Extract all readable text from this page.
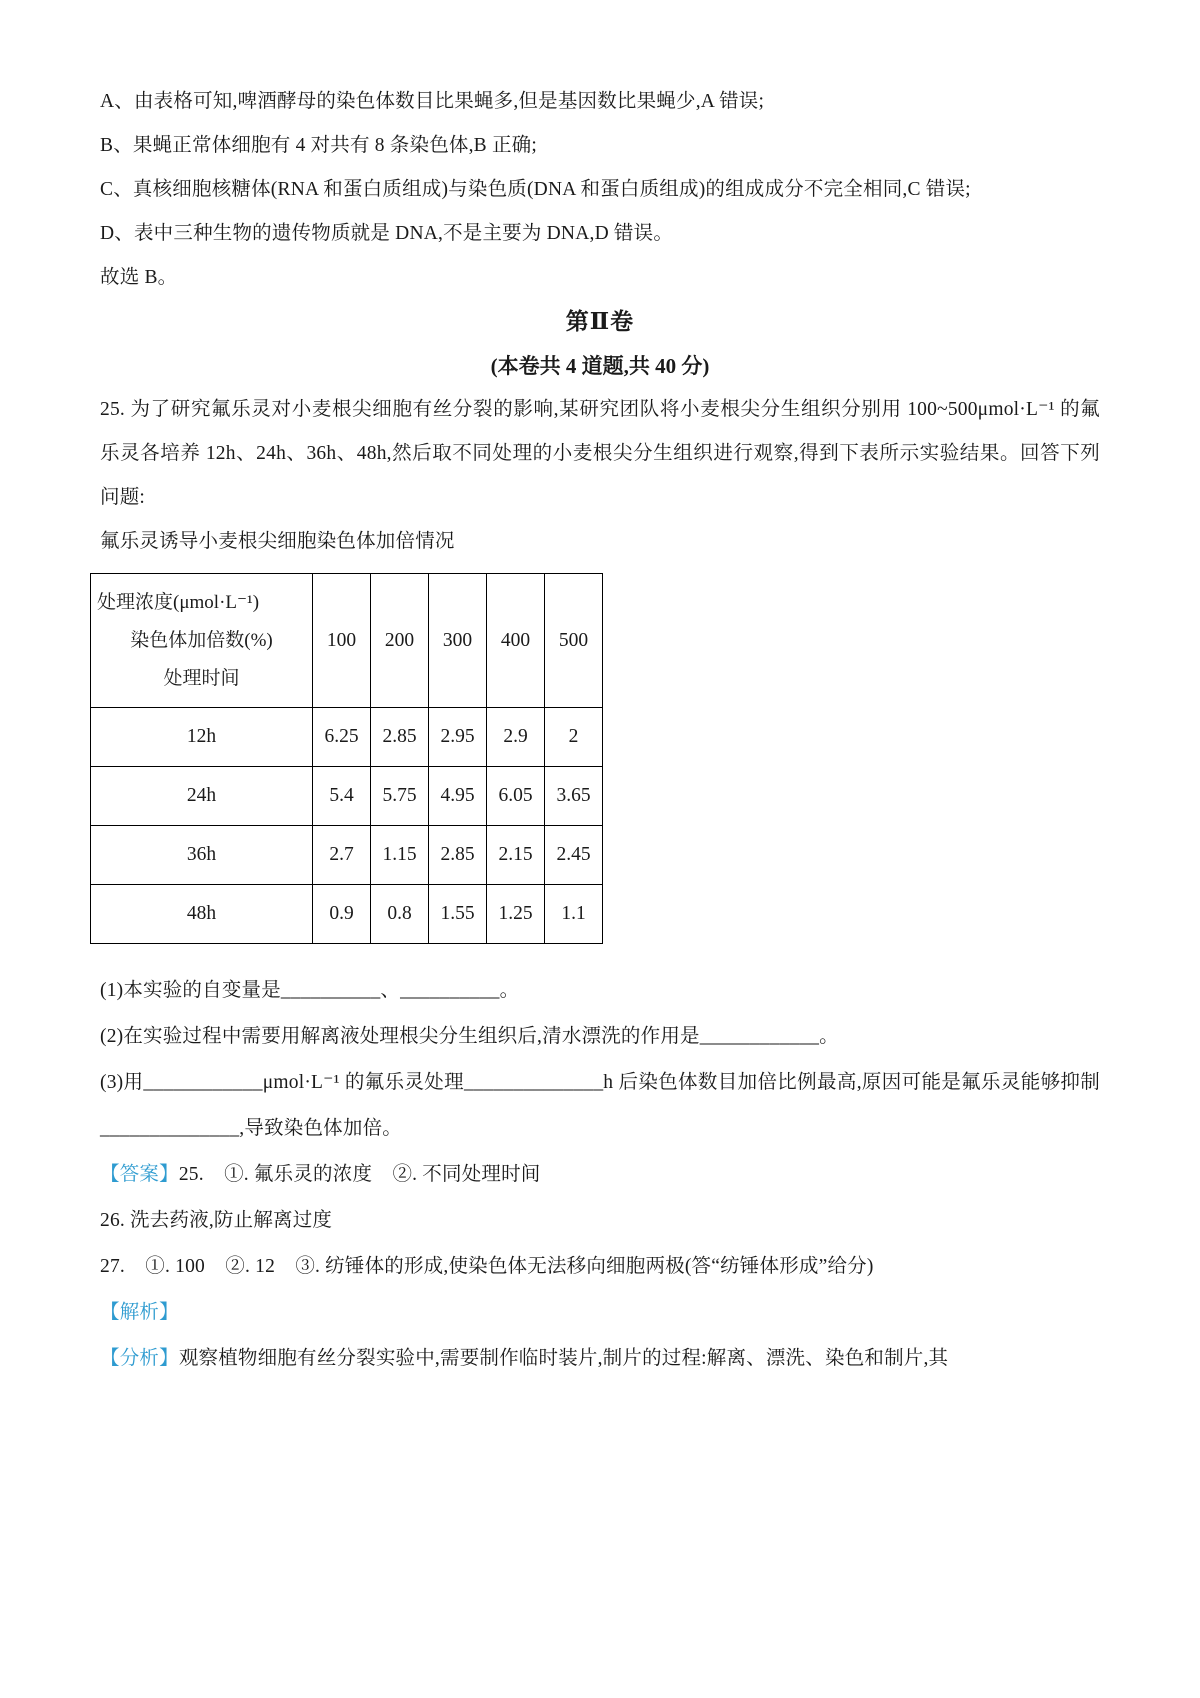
A、由表格可知,啤酒酵母的染色体数目比果蝇多,但是基因数比果蝇少,A 错误;

B、果蝇正常体细胞有 4 对共有 8 条染色体,B 正确;

C、真核细胞核糖体(RNA 和蛋白质组成)与染色质(DNA 和蛋白质组成)的组成成分不完全相同,C 错误;

D、表中三种生物的遗传物质就是 DNA,不是主要为 DNA,D 错误。

故选 B。

第Ⅱ卷
(本卷共 4 道题,共 40 分)

25. 为了研究氟乐灵对小麦根尖细胞有丝分裂的影响,某研究团队将小麦根尖分生组织分别用 100~500μmol·L⁻¹ 的氟乐灵各培养 12h、24h、36h、48h,然后取不同处理的小麦根尖分生组织进行观察,得到下表所示实验结果。回答下列问题:

氟乐灵诱导小麦根尖细胞染色体加倍情况

处理浓度(μmol·L⁻¹)
染色体加倍数(%)
处理时间	100	200	300	400	500
12h	6.25	2.85	2.95	2.9	2
24h	5.4	5.75	4.95	6.05	3.65
36h	2.7	1.15	2.85	2.15	2.45
48h	0.9	0.8	1.55	1.25	1.1

(1)本实验的自变量是__________、__________。

(2)在实验过程中需要用解离液处理根尖分生组织后,清水漂洗的作用是____________。

(3)用____________μmol·L⁻¹ 的氟乐灵处理______________h 后染色体数目加倍比例最高,原因可能是氟乐灵能够抑制______________,导致染色体加倍。

【答案】25.    ①. 氟乐灵的浓度    ②. 不同处理时间

26. 洗去药液,防止解离过度

27.    ①. 100    ②. 12    ③. 纺锤体的形成,使染色体无法移向细胞两极(答“纺锤体形成”给分)

【解析】

【分析】观察植物细胞有丝分裂实验中,需要制作临时装片,制片的过程:解离、漂洗、染色和制片,其
